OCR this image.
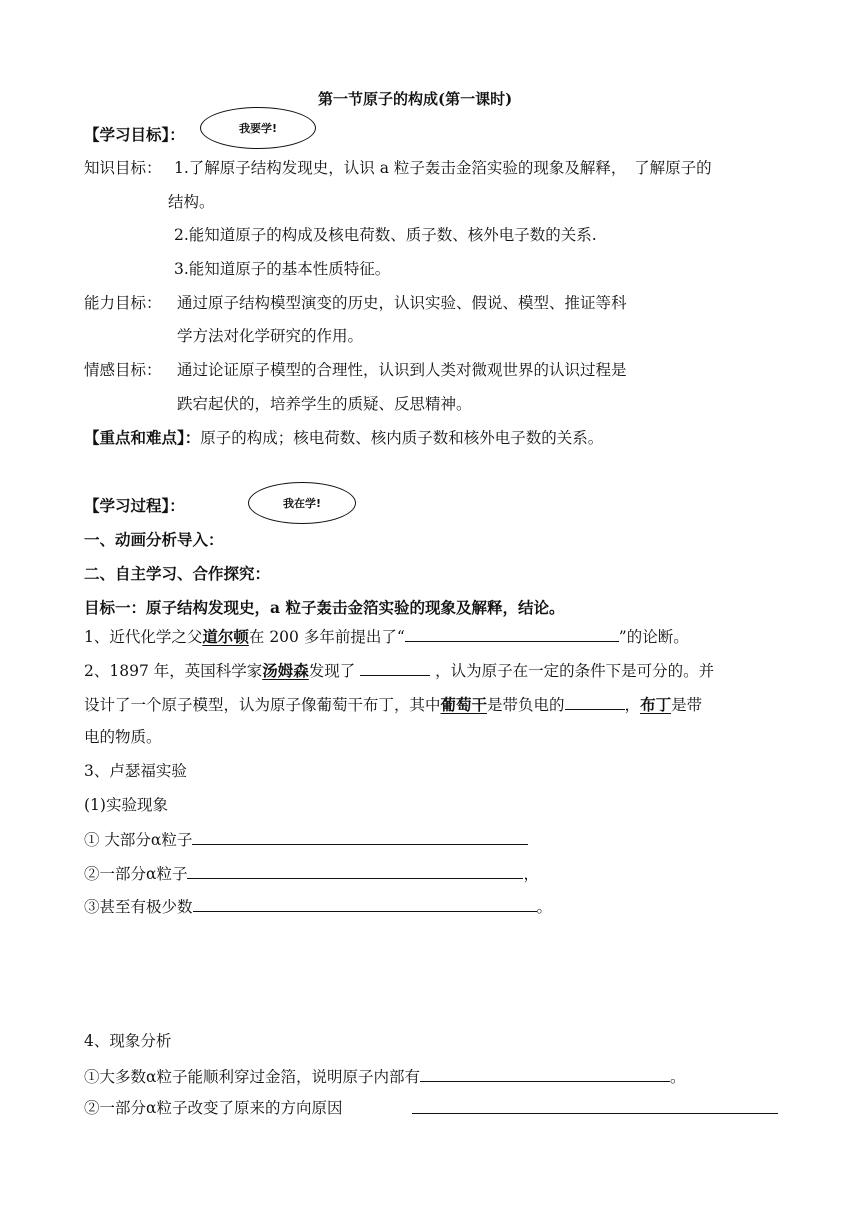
第一节原子的构成(第一课时)
【学习目标】：	我要学!
知识目标： 1.了解原子结构发现史，认识 a 粒子轰击金箔实验的现象及解释，　了解原子的
结构。
2.能知道原子的构成及核电荷数、质子数、核外电子数的关系.
3.能知道原子的基本性质特征。
能力目标： 通过原子结构模型演变的历史，认识实验、假说、模型、推证等科
学方法对化学研究的作用。
情感目标： 通过论证原子模型的合理性，认识到人类对微观世界的认识过程是
跌宕起伏的，培养学生的质疑、反思精神。
【重点和难点】：原子的构成；核电荷数、核内质子数和核外电子数的关系。
【学习过程】：	我在学!
一、动画分析导入：
二、自主学习、合作探究：
目标一：原子结构发现史，a 粒子轰击金箔实验的现象及解释，结论。
1、近代化学之父道尔顿在 200 多年前提出了“	”的论断。
2、1897 年，英国科学家汤姆森发现了	，认为原子在一定的条件下是可分的。并
设计了一个原子模型，认为原子像葡萄干布丁，其中葡萄干是带负电的	，布丁是带
电的物质。
3、卢瑟福实验
(1)实验现象
① 大部分α粒子
②一部分α粒子	，
③甚至有极少数	。
4、现象分析
①大多数α粒子能顺利穿过金箔，说明原子内部有	。
②一部分α粒子改变了原来的方向原因
